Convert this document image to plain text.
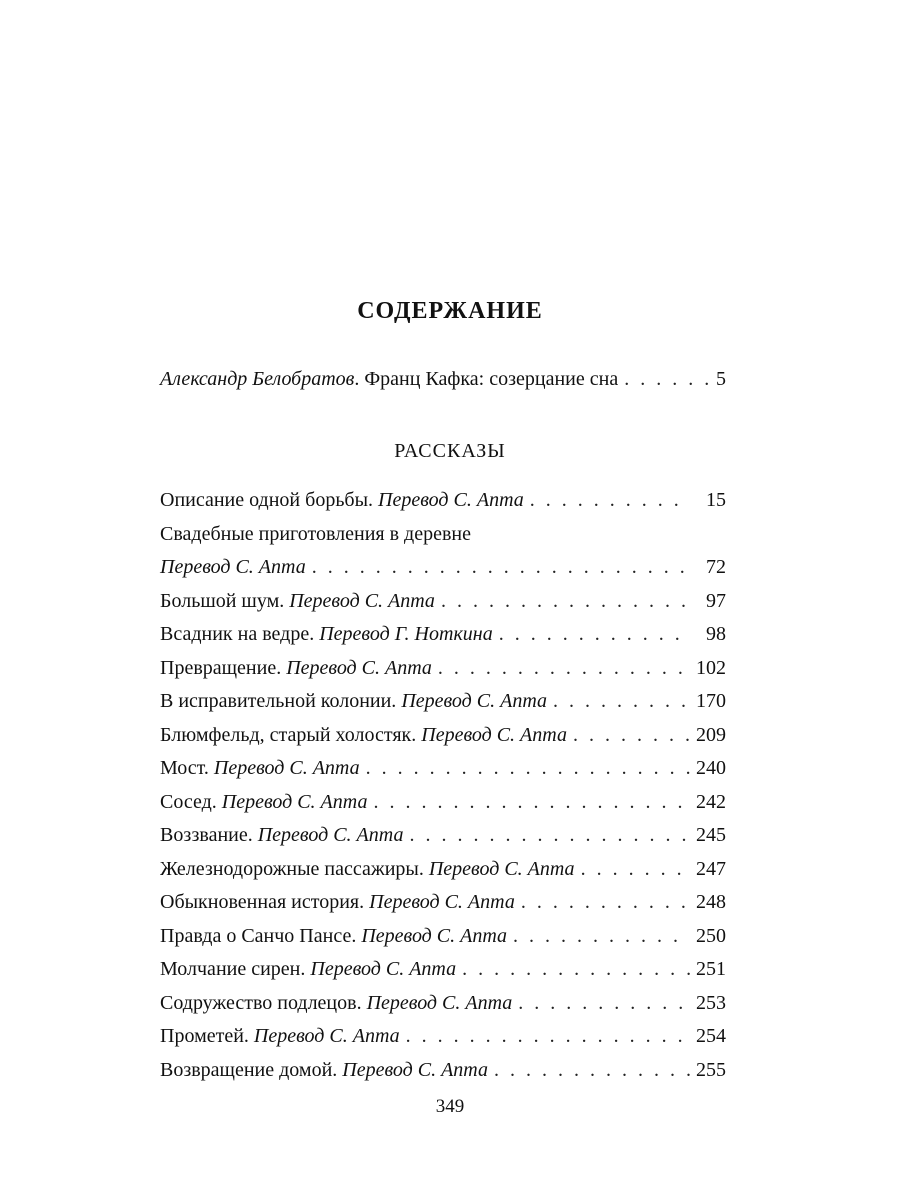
СОДЕРЖАНИЕ
Александр Белобратов. Франц Кафка: созерцание сна . . .	5
РАССКАЗЫ
Описание одной борьбы. Перевод С. Апта . . .	15
Свадебные приготовления в деревне
Перевод С. Апта . . .	72
Большой шум. Перевод С. Апта . . .	97
Всадник на ведре. Перевод Г. Ноткина . . .	98
Превращение. Перевод С. Апта . . .	102
В исправительной колонии. Перевод С. Апта . . .	170
Блюмфельд, старый холостяк. Перевод С. Апта . . .	209
Мост. Перевод С. Апта . . .	240
Сосед. Перевод С. Апта . . .	242
Воззвание. Перевод С. Апта . . .	245
Железнодорожные пассажиры. Перевод С. Апта . . .	247
Обыкновенная история. Перевод С. Апта . . .	248
Правда о Санчо Пансе. Перевод С. Апта . . .	250
Молчание сирен. Перевод С. Апта . . .	251
Содружество подлецов. Перевод С. Апта . . .	253
Прометей. Перевод С. Апта . . .	254
Возвращение домой. Перевод С. Апта . . .	255
349
